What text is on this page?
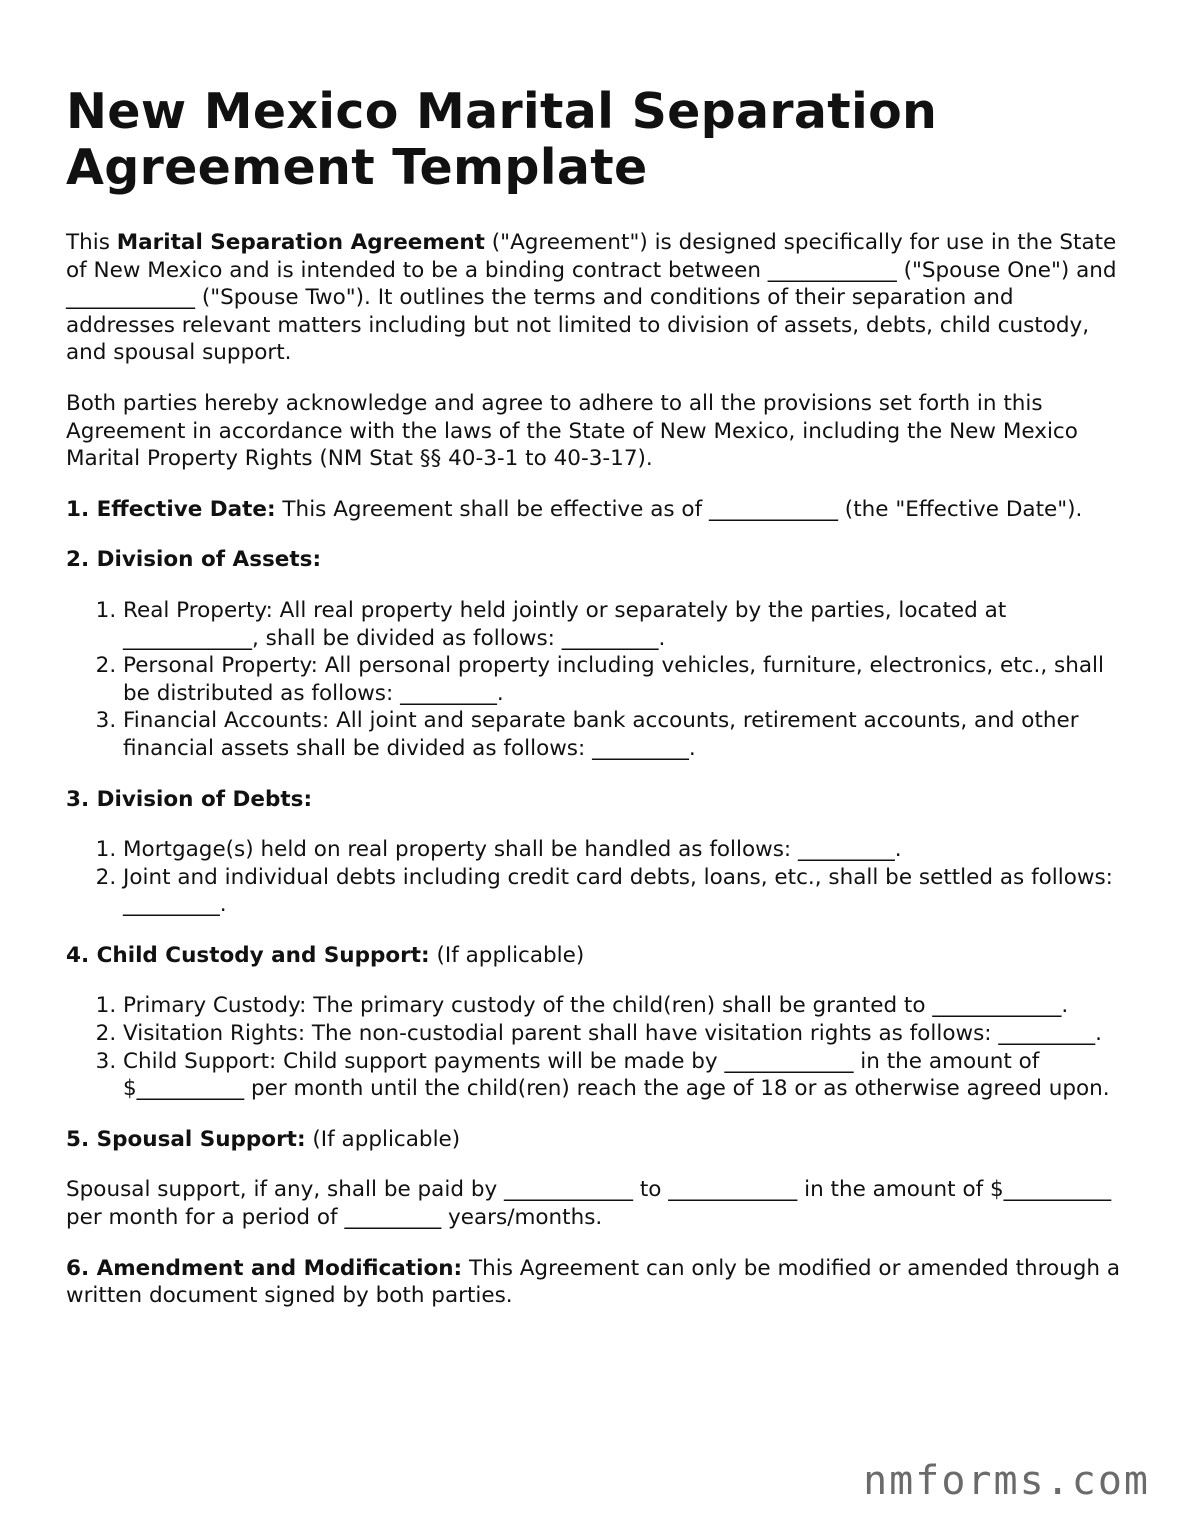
New Mexico Marital Separation Agreement Template

This Marital Separation Agreement ("Agreement") is designed specifically for use in the State of New Mexico and is intended to be a binding contract between ____________ ("Spouse One") and ____________ ("Spouse Two"). It outlines the terms and conditions of their separation and addresses relevant matters including but not limited to division of assets, debts, child custody, and spousal support.

Both parties hereby acknowledge and agree to adhere to all the provisions set forth in this Agreement in accordance with the laws of the State of New Mexico, including the New Mexico Marital Property Rights (NM Stat §§ 40-3-1 to 40-3-17).

1. Effective Date: This Agreement shall be effective as of ____________ (the "Effective Date").

2. Division of Assets:

1. Real Property: All real property held jointly or separately by the parties, located at ____________, shall be divided as follows: _________.
2. Personal Property: All personal property including vehicles, furniture, electronics, etc., shall be distributed as follows: _________.
3. Financial Accounts: All joint and separate bank accounts, retirement accounts, and other financial assets shall be divided as follows: _________.

3. Division of Debts:

1. Mortgage(s) held on real property shall be handled as follows: _________.
2. Joint and individual debts including credit card debts, loans, etc., shall be settled as follows: _________.

4. Child Custody and Support: (If applicable)

1. Primary Custody: The primary custody of the child(ren) shall be granted to ____________.
2. Visitation Rights: The non-custodial parent shall have visitation rights as follows: _________.
3. Child Support: Child support payments will be made by ____________ in the amount of $__________ per month until the child(ren) reach the age of 18 or as otherwise agreed upon.

5. Spousal Support: (If applicable)

Spousal support, if any, shall be paid by ____________ to ____________ in the amount of $__________ per month for a period of _________ years/months.

6. Amendment and Modification: This Agreement can only be modified or amended through a written document signed by both parties.

nmforms.com
